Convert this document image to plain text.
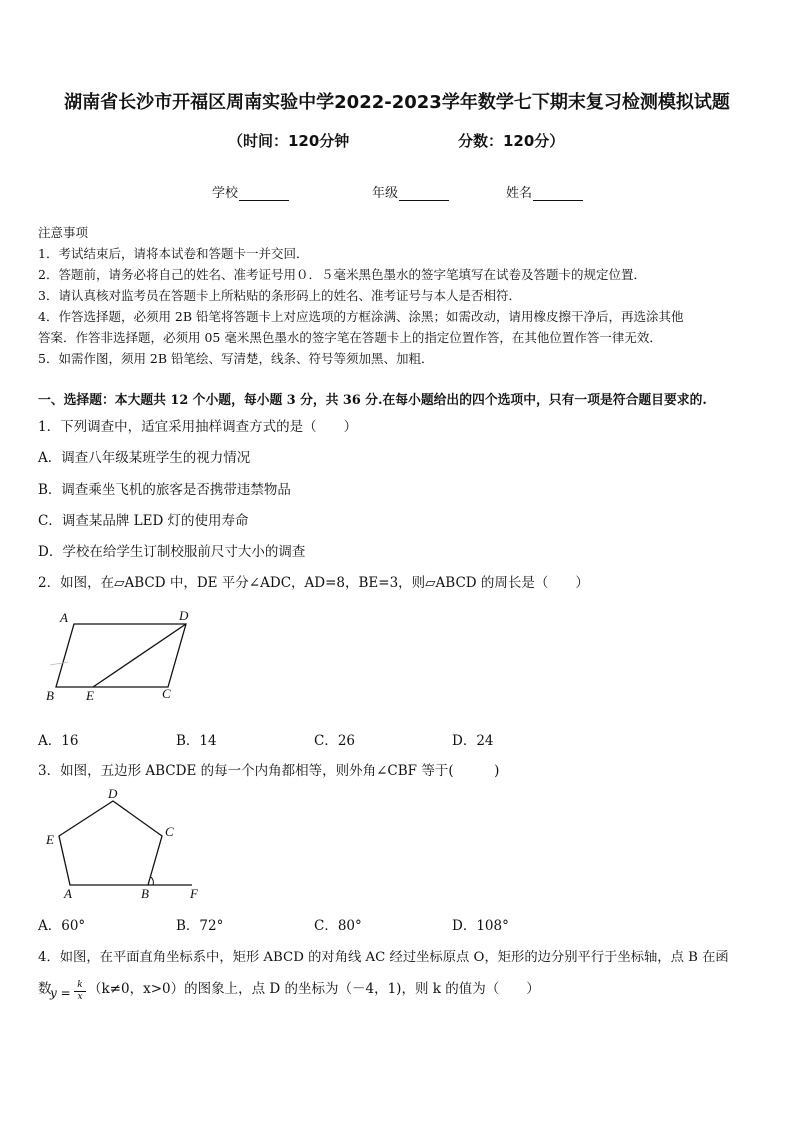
湖南省长沙市开福区周南实验中学2022-2023学年数学七下期末复习检测模拟试题
（时间：120分钟	分数：120分）
学校	年级	姓名
注意事项
1．考试结束后，请将本试卷和答题卡一并交回．
2．答题前，请务必将自己的姓名、准考证号用０．５毫米黑色墨水的签字笔填写在试卷及答题卡的规定位置．
3．请认真核对监考员在答题卡上所粘贴的条形码上的姓名、准考证号与本人是否相符．
4．作答选择题，必须用 2B 铅笔将答题卡上对应选项的方框涂满、涂黑；如需改动，请用橡皮擦干净后，再选涂其他
答案．作答非选择题，必须用 05 毫米黑色墨水的签字笔在答题卡上的指定位置作答，在其他位置作答一律无效．
5．如需作图，须用 2B 铅笔绘、写清楚，线条、符号等须加黑、加粗．
一、选择题：本大题共 12 个小题，每小题 3 分，共 36 分.在每小题给出的四个选项中，只有一项是符合题目要求的.
1．下列调查中，适宜采用抽样调查方式的是（　　）
A．调查八年级某班学生的视力情况
B．调查乘坐飞机的旅客是否携带违禁物品
C．调查某品牌 LED 灯的使用寿命
D．学校在给学生订制校服前尺寸大小的调查
2．如图，在▱ABCD 中，DE 平分∠ADC，AD=8，BE=3，则▱ABCD 的周长是（　　）
A	D
B E	C
A．16	B．14	C．26	D．24
3．如图，五边形 ABCDE 的每一个内角都相等，则外角∠CBF 等于(　　　)
A	B
C
D
E
F
A．60°	B．72°	C．80°	D．108°
4．如图，在平面直角坐标系中，矩形 ABCD 的对角线 AC 经过坐标原点 O，矩形的边分别平行于坐标轴，点 B 在函
数
$y = \frac{k}{x} (k\ne 0$，x>0）的图象上，点 D 的坐标为（－4，1)，则 k 的值为（　　）
